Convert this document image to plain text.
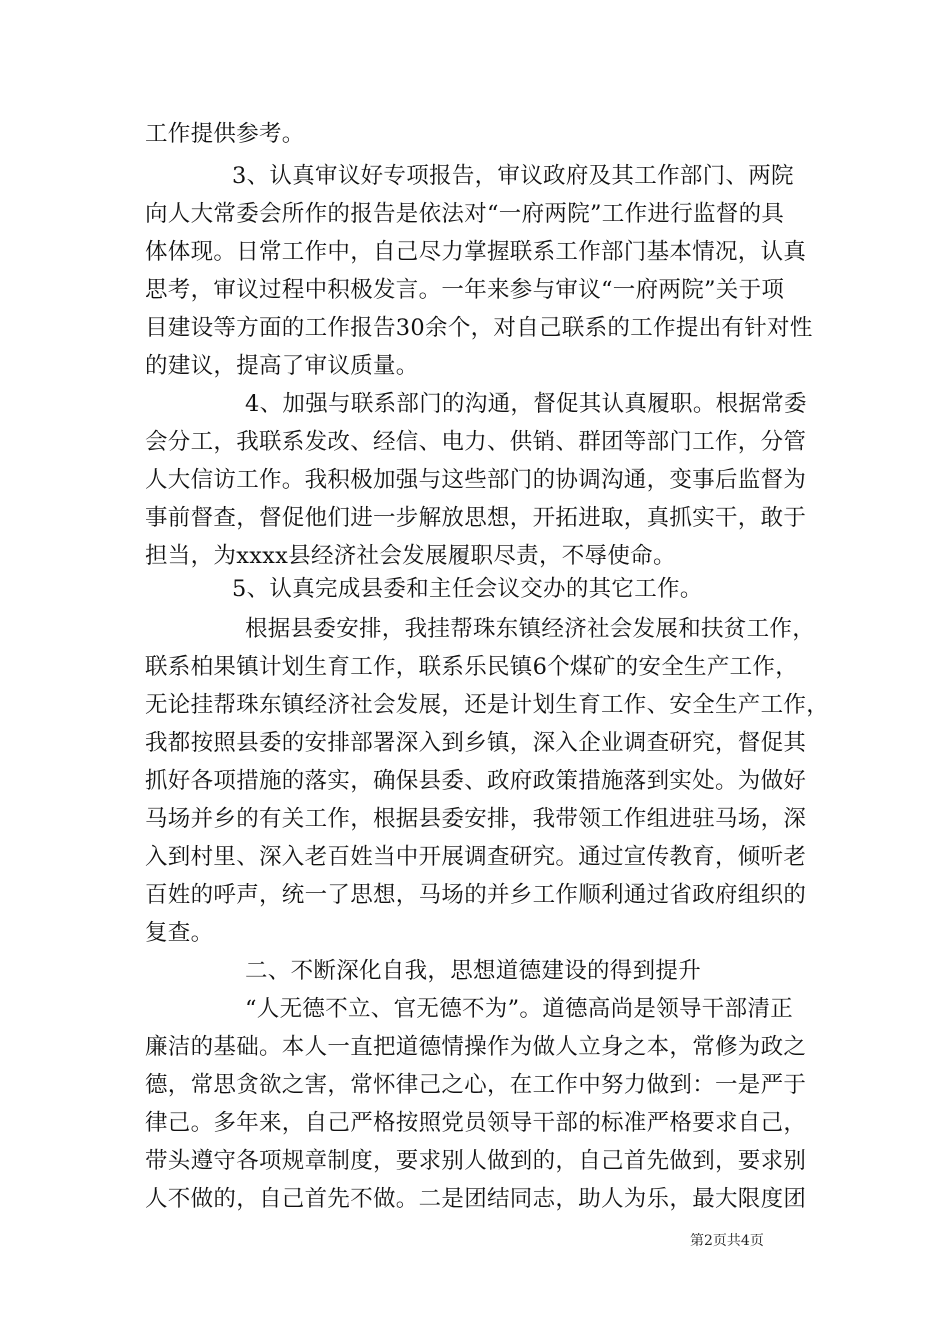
工作提供参考。
3、认真审议好专项报告，审议政府及其工作部门、两院
向人大常委会所作的报告是依法对“一府两院”工作进行监督的具
体体现。日常工作中，自己尽力掌握联系工作部门基本情况，认真
思考，审议过程中积极发言。一年来参与审议“一府两院”关于项
目建设等方面的工作报告30余个，对自己联系的工作提出有针对性
的建议，提高了审议质量。
4、加强与联系部门的沟通，督促其认真履职。根据常委
会分工，我联系发改、经信、电力、供销、群团等部门工作，分管
人大信访工作。我积极加强与这些部门的协调沟通，变事后监督为
事前督查，督促他们进一步解放思想，开拓进取，真抓实干，敢于
担当，为xxxx县经济社会发展履职尽责，不辱使命。
5、认真完成县委和主任会议交办的其它工作。
根据县委安排，我挂帮珠东镇经济社会发展和扶贫工作，
联系柏果镇计划生育工作，联系乐民镇6个煤矿的安全生产工作，
无论挂帮珠东镇经济社会发展，还是计划生育工作、安全生产工作，
我都按照县委的安排部署深入到乡镇，深入企业调查研究，督促其
抓好各项措施的落实，确保县委、政府政策措施落到实处。为做好
马场并乡的有关工作，根据县委安排，我带领工作组进驻马场，深
入到村里、深入老百姓当中开展调查研究。通过宣传教育，倾听老
百姓的呼声，统一了思想，马场的并乡工作顺利通过省政府组织的
复查。
二、不断深化自我，思想道德建设的得到提升
“人无德不立、官无德不为”。道德高尚是领导干部清正
廉洁的基础。本人一直把道德情操作为做人立身之本，常修为政之
德，常思贪欲之害，常怀律己之心，在工作中努力做到：一是严于
律己。多年来，自己严格按照党员领导干部的标准严格要求自己，
带头遵守各项规章制度，要求别人做到的，自己首先做到，要求别
人不做的，自己首先不做。二是团结同志，助人为乐，最大限度团
第2页共4页
